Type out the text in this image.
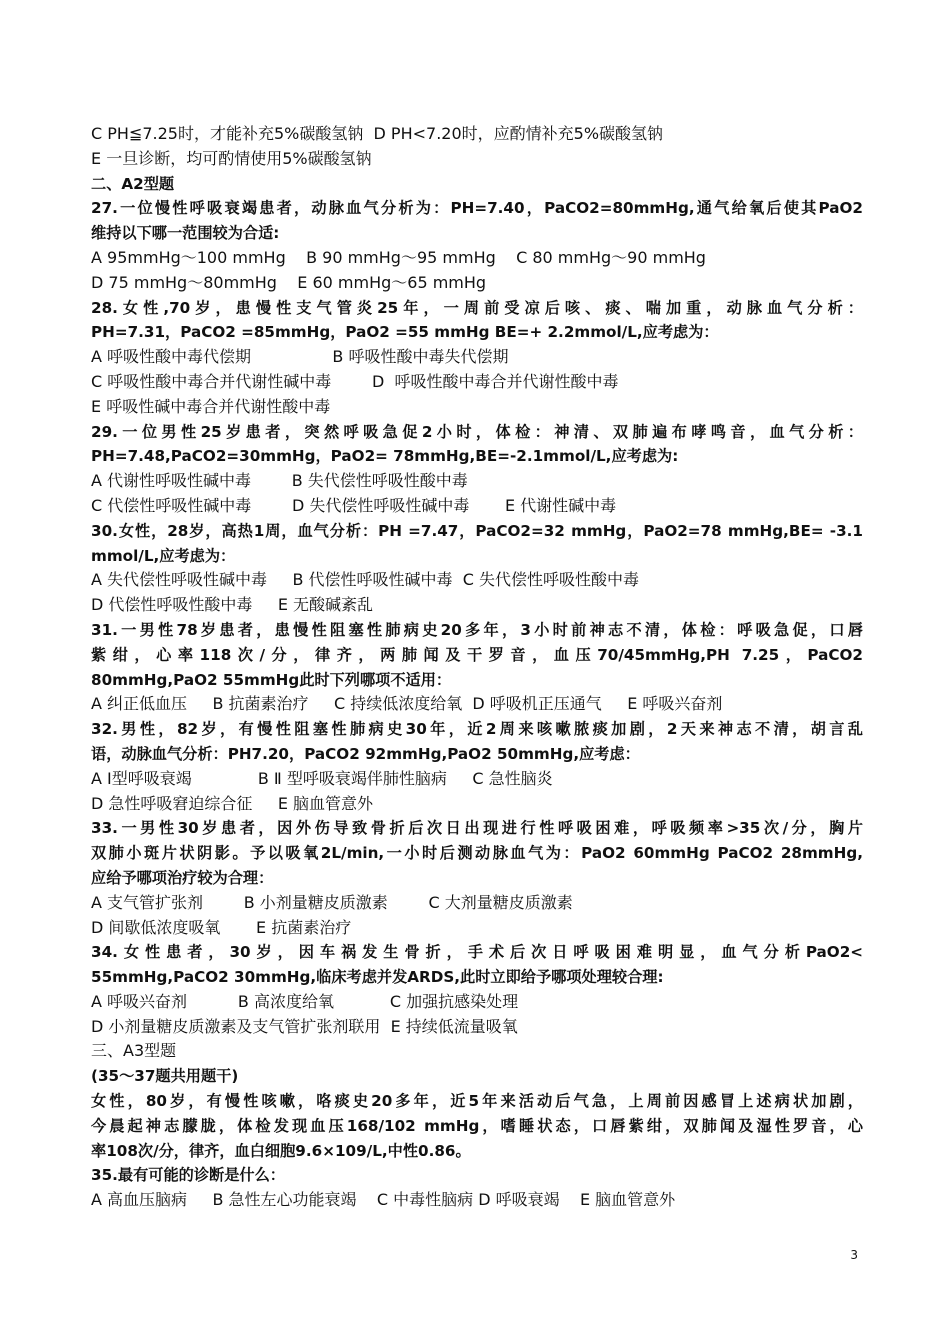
C PH≦7.25时，才能补充5%碳酸氢钠  D PH<7.20时，应酌情补充5%碳酸氢钠
E 一旦诊断，均可酌情使用5%碳酸氢钠
二、A2型题
27.一位慢性呼吸衰竭患者，动脉血气分析为：PH=7.40，PaCO2=80mmHg,通气给氧后使其PaO2
维持以下哪一范围较为合适:
A 95mmHg～100 mmHg    B 90 mmHg～95 mmHg    C 80 mmHg～90 mmHg
D 75 mmHg～80mmHg    E 60 mmHg～65 mmHg
28.女性,70岁，患慢性支气管炎25年，一周前受凉后咳、痰、喘加重，动脉血气分析：
PH=7.31，PaCO2 =85mmHg，PaO2 =55 mmHg BE=+ 2.2mmol/L,应考虑为：
A 呼吸性酸中毒代偿期                B 呼吸性酸中毒失代偿期
C 呼吸性酸中毒合并代谢性碱中毒        D  呼吸性酸中毒合并代谢性酸中毒
E 呼吸性碱中毒合并代谢性酸中毒
29.一位男性25岁患者，突然呼吸急促2小时，体检：神清、双肺遍布哮鸣音，血气分析：
PH=7.48,PaCO2=30mmHg，PaO2= 78mmHg,BE=-2.1mmol/L,应考虑为:
A 代谢性呼吸性碱中毒        B 失代偿性呼吸性酸中毒
C 代偿性呼吸性碱中毒        D 失代偿性呼吸性碱中毒       E 代谢性碱中毒
30.女性，28岁，高热1周，血气分析：PH =7.47，PaCO2=32 mmHg，PaO2=78 mmHg,BE= -3.1
mmol/L,应考虑为：
A 失代偿性呼吸性碱中毒     B 代偿性呼吸性碱中毒  C 失代偿性呼吸性酸中毒
D 代偿性呼吸性酸中毒     E 无酸碱紊乱
31.一男性78岁患者，患慢性阻塞性肺病史20多年，3小时前神志不清，体检：呼吸急促，口唇
紫绀，心率118次/分，律齐，两肺闻及干罗音，血压70/45mmHg,PH 7.25，PaCO2
80mmHg,PaO2 55mmHg此时下列哪项不适用：
A 纠正低血压     B 抗菌素治疗     C 持续低浓度给氧  D 呼吸机正压通气     E 呼吸兴奋剂
32.男性，82岁，有慢性阻塞性肺病史30年，近2周来咳嗽脓痰加剧，2天来神志不清，胡言乱
语，动脉血气分析：PH7.20，PaCO2 92mmHg,PaO2 50mmHg,应考虑：
A I型呼吸衰竭             B Ⅱ 型呼吸衰竭伴肺性脑病     C 急性脑炎
D 急性呼吸窘迫综合征     E 脑血管意外
33.一男性30岁患者，因外伤导致骨折后次日出现进行性呼吸困难，呼吸频率>35次/分，胸片
双肺小斑片状阴影。予以吸氧2L/min,一小时后测动脉血气为：PaO2 60mmHg PaCO2 28mmHg,
应给予哪项治疗较为合理：
A 支气管扩张剂        B 小剂量糖皮质激素        C 大剂量糖皮质激素
D 间歇低浓度吸氧       E 抗菌素治疗
34.女性患者，30岁，因车祸发生骨折，手术后次日呼吸困难明显，血气分析PaO2<
55mmHg,PaCO2 30mmHg,临床考虑并发ARDS,此时立即给予哪项处理较合理:
A 呼吸兴奋剂          B 高浓度给氧           C 加强抗感染处理
D 小剂量糖皮质激素及支气管扩张剂联用  E 持续低流量吸氧
三、A3型题
(35～37题共用题干)
女性，80岁，有慢性咳嗽，咯痰史20多年，近5年来活动后气急，上周前因感冒上述病状加剧，
今晨起神志朦胧，体检发现血压168/102 mmHg，嗜睡状态，口唇紫绀，双肺闻及湿性罗音，心
率108次/分，律齐，血白细胞9.6×109/L,中性0.86。
35.最有可能的诊断是什么：
A 高血压脑病     B 急性左心功能衰竭    C 中毒性脑病 D 呼吸衰竭    E 脑血管意外
3
